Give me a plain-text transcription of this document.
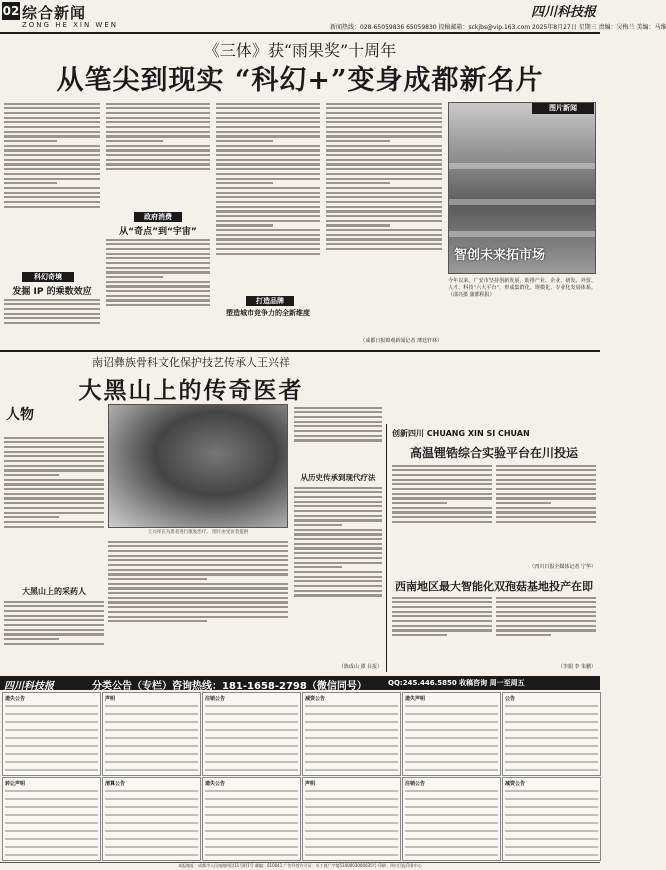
02 综合新闻
ZONG HE XIN WEN
四川科技报
新闻热线：028-65059836 65059830 投稿邮箱：sckjbs@vip.163.com 2025年8月27日 星期三 责编：吴梅兰 美编：马维
《三体》获“雨果奖”十周年
从笔尖到现实 “科幻+”变身成都新名片
科幻奇境
发掘 IP 的乘数效应
政府消费
从“奇点”到“宇宙”
打造品牌
塑造城市竞争力的全新维度
（成都日报锦观新闻记者 薄廷轩林）
图片新闻
智创未来拓市场
今年以来，广安市坚持创新发展，助推产业、企业、研发、外贸、人才、科技“六大平台”，形成集群化、规模化、专业化发展体系。（邵亮摄 蒲都程报）
南诏彝族骨科文化保护技艺传承人王兴祥
大黑山上的传奇医者
人物
大黑山上的采药人
王兴祥在为患者进行康复治疗。 图片由受访者提供
从历史传承到现代疗法
（陈成山 谭 目报）
创新四川 CHUANG XIN SI CHUAN
高温锂锆综合实验平台在川投运
（四川日报全媒体记者 宁华）
西南地区最大智能化双孢菇基地投产在即
（李娟 李 朱鹏）
四川科技报	分类公告（专栏）咨询热线：181-1658-2798（微信同号）	QQ:245.446.5850 收稿咨询 周一至周五
遗失公告	声明	注销公告	减资公告	遗失声明	公告
转让声明	清算公告	遗失公告	声明	注销公告	减资公告
本报地址：成都市人民南路四段11号附1号 邮编：610041 广告经营许可证：川工商广字第5100003000035号 印刷：四川日报印务中心
